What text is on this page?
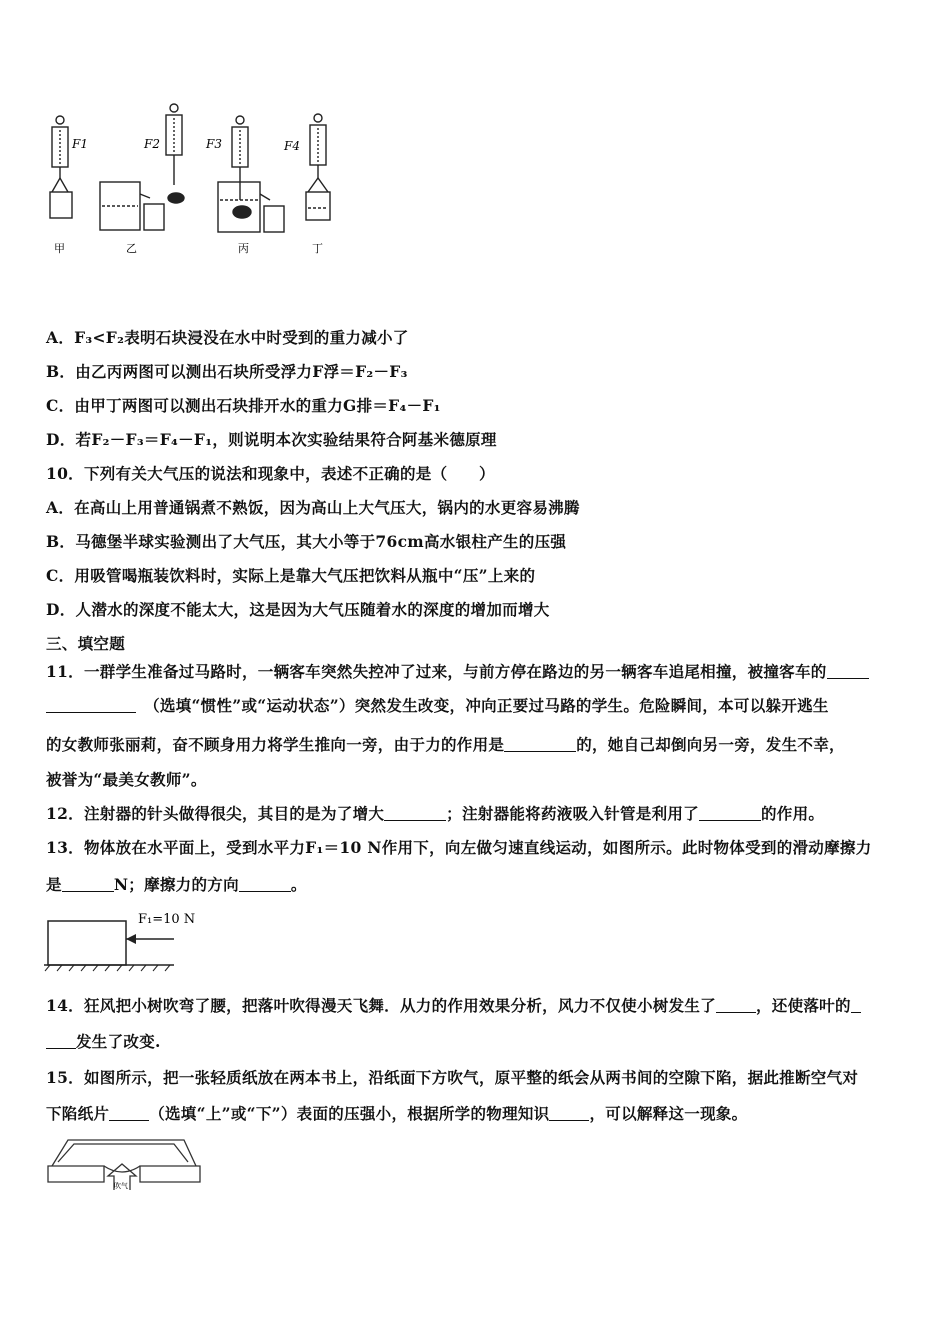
F1	F2	F3	F4
甲	乙	丙	丁
A．F₃<F₂表明石块浸没在水中时受到的重力减小了
B．由乙丙两图可以测出石块所受浮力F浮＝F₂－F₃
C．由甲丁两图可以测出石块排开水的重力G排＝F₄－F₁
D．若F₂－F₃＝F₄－F₁，则说明本次实验结果符合阿基米德原理
10．下列有关大气压的说法和现象中，表述不正确的是（　　）
A．在高山上用普通锅煮不熟饭，因为高山上大气压大，锅内的水更容易沸腾
B．马德堡半球实验测出了大气压，其大小等于76cm高水银柱产生的压强
C．用吸管喝瓶装饮料时，实际上是靠大气压把饮料从瓶中“压”上来的
D．人潜水的深度不能太大，这是因为大气压随着水的深度的增加而增大
三、填空题
11．一群学生准备过马路时，一辆客车突然失控冲了过来，与前方停在路边的另一辆客车追尾相撞，被撞客车的
　（选填“惯性”或“运动状态”）突然发生改变，冲向正要过马路的学生。危险瞬间，本可以躲开逃生
的女教师张丽莉，奋不顾身用力将学生推向一旁，由于力的作用是	的，她自己却倒向另一旁，发生不幸，
被誉为“最美女教师”。
12．注射器的针头做得很尖，其目的是为了增大	；注射器能将药液吸入针管是利用了	的作用。
13．物体放在水平面上，受到水平力F₁＝10 N作用下，向左做匀速直线运动，如图所示。此时物体受到的滑动摩擦力
是	N；摩擦力的方向	。
F₁=10 N
14．狂风把小树吹弯了腰，把落叶吹得漫天飞舞．从力的作用效果分析，风力不仅使小树发生了	，还使落叶的
发生了改变.
15．如图所示，把一张轻质纸放在两本书上，沿纸面下方吹气，原平整的纸会从两书间的空隙下陷，据此推断空气对
下陷纸片	（选填“上”或“下”）表面的压强小，根据所学的物理知识	，可以解释这一现象。
吹气
